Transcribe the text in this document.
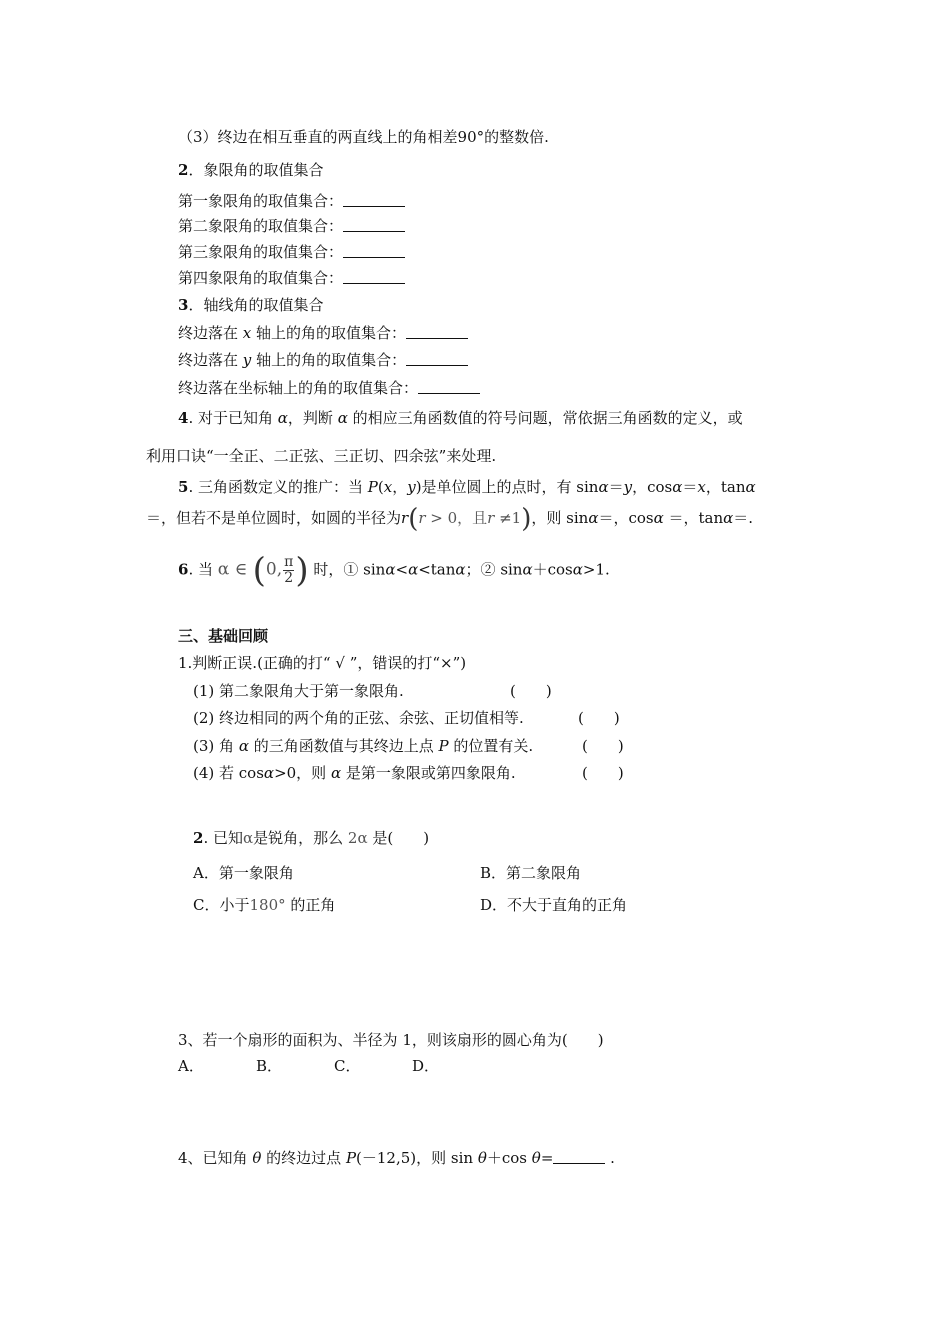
（3）终边在相互垂直的两直线上的角相差90°的整数倍.
2．象限角的取值集合
第一象限角的取值集合：
第二象限角的取值集合：
第三象限角的取值集合：
第四象限角的取值集合：
3．轴线角的取值集合
终边落在 x 轴上的角的取值集合：
终边落在 y 轴上的角的取值集合：
终边落在坐标轴上的角的取值集合：
4. 对于已知角 α，判断 α 的相应三角函数值的符号问题，常依据三角函数的定义，或
利用口诀“一全正、二正弦、三正切、四余弦”来处理.
5. 三角函数定义的推广：当 P(x，y)是单位圆上的点时，有 sinα＝y，cosα＝x，tanα
＝，但若不是单位圆时，如圆的半径为r(r > 0，且r ≠1)，则 sinα＝，cosα ＝，tanα＝.
6. 当 α ∈ (0, $\frac{\pi}{2}$ ) 时，① sinα<α<tanα；② sinα＋cosα>1.
三、基础回顾
1.判断正误.(正确的打“ √ ”，错误的打“×”)
(1) 第二象限角大于第一象限角.	(　　)
(2) 终边相同的两个角的正弦、余弦、正切值相等.	(　　)
(3) 角 α 的三角函数值与其终边上点 P 的位置有关.	(　　)
(4) 若 cosα>0，则 α 是第一象限或第四象限角.	(　　)
2. 已知α是锐角，那么 2α 是(　　)
A．第一象限角	B．第二象限角
C．小于180° 的正角	D．不大于直角的正角
3、若一个扇形的面积为、半径为 1，则该扇形的圆心角为(　　)
A．	B．	C．	D．
4、已知角 θ 的终边过点 P(－12,5)，则 sin θ＋cos θ=	.
